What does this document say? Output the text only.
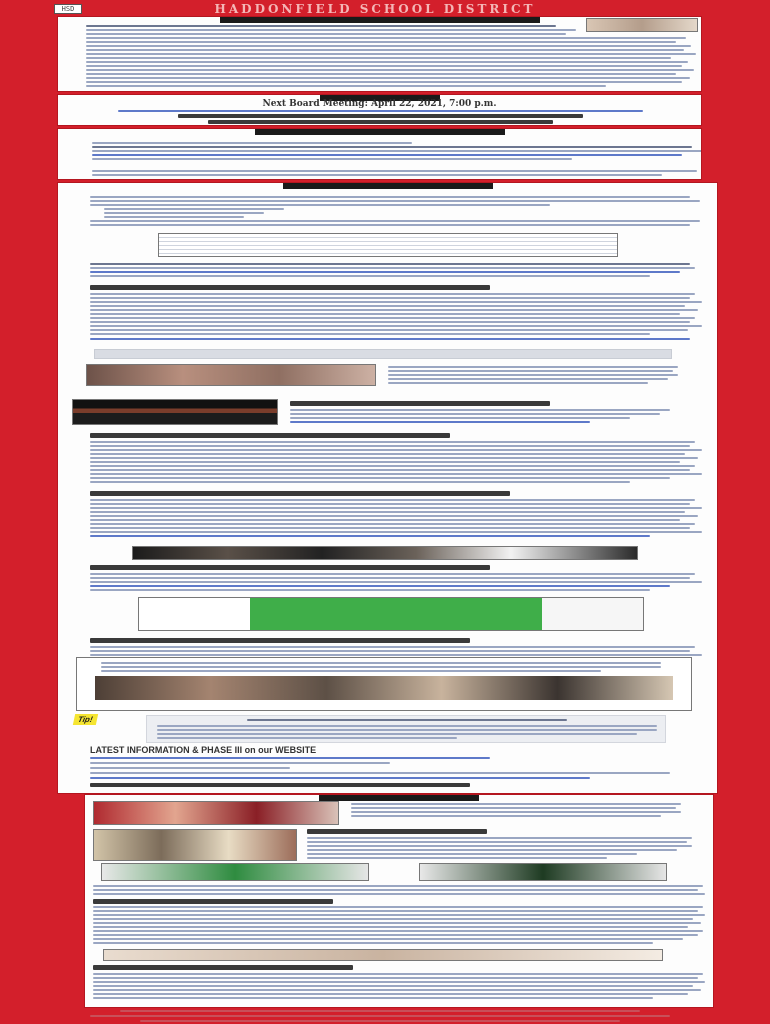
HSD	HADDONFIELD SCHOOL DISTRICT
Next Board Meeting: April 22, 2021, 7:00 p.m.
Tip!
LATEST INFORMATION & PHASE III on our WEBSITE
